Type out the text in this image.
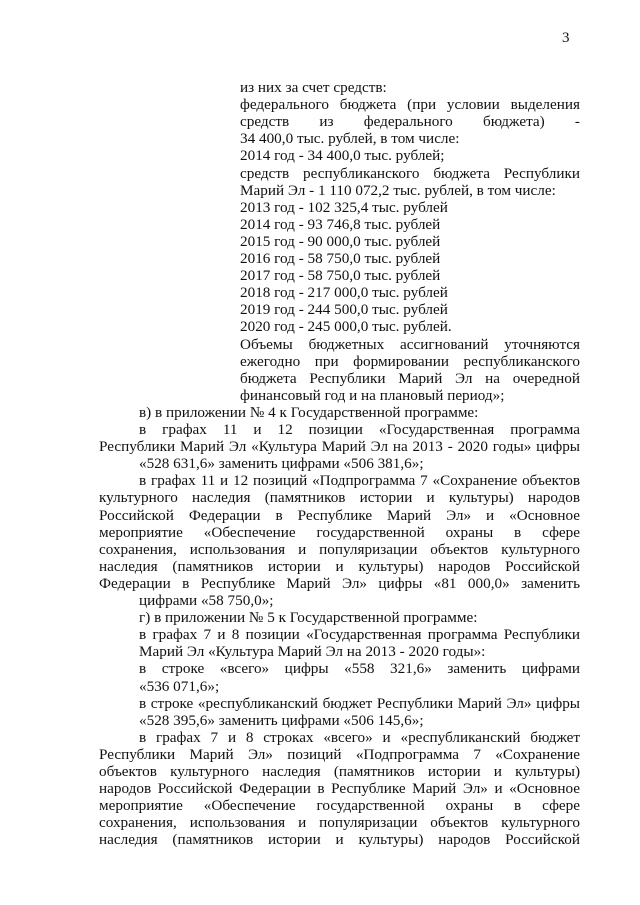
3
из них за счет средств:
федерального бюджета (при условии выделения
средств из федерального бюджета) -
34 400,0 тыс. рублей, в том числе:
2014 год - 34 400,0 тыс. рублей;
средств республиканского бюджета Республики
Марий Эл - 1 110 072,2 тыс. рублей, в том числе:
2013 год - 102 325,4 тыс. рублей
2014 год - 93 746,8 тыс. рублей
2015 год - 90 000,0 тыс. рублей
2016 год - 58 750,0 тыс. рублей
2017 год - 58 750,0 тыс. рублей
2018 год - 217 000,0 тыс. рублей
2019 год - 244 500,0 тыс. рублей
2020 год - 245 000,0 тыс. рублей.
Объемы бюджетных ассигнований уточняются
ежегодно при формировании республиканского
бюджета Республики Марий Эл на очередной
финансовый год и на плановый период»;
в) в приложении № 4 к Государственной программе:
в графах 11 и 12 позиции «Государственная программа
Республики Марий Эл «Культура Марий Эл на 2013 - 2020 годы» цифры
«528 631,6» заменить цифрами «506 381,6»;
в графах 11 и 12 позиций «Подпрограмма 7 «Сохранение объектов
культурного наследия (памятников истории и культуры) народов
Российской Федерации в Республике Марий Эл» и «Основное
мероприятие «Обеспечение государственной охраны в сфере
сохранения, использования и популяризации объектов культурного
наследия (памятников истории и культуры) народов Российской
Федерации в Республике Марий Эл» цифры «81 000,0» заменить
цифрами «58 750,0»;
г) в приложении № 5 к Государственной программе:
в графах 7 и 8 позиции «Государственная программа Республики
Марий Эл «Культура Марий Эл на 2013 - 2020 годы»:
в строке «всего» цифры «558 321,6» заменить цифрами
«536 071,6»;
в строке «республиканский бюджет Республики Марий Эл» цифры
«528 395,6» заменить цифрами «506 145,6»;
в графах 7 и 8 строках «всего» и «республиканский бюджет
Республики Марий Эл» позиций «Подпрограмма 7 «Сохранение
объектов культурного наследия (памятников истории и культуры)
народов Российской Федерации в Республике Марий Эл» и «Основное
мероприятие «Обеспечение государственной охраны в сфере
сохранения, использования и популяризации объектов культурного
наследия (памятников истории и культуры) народов Российской
